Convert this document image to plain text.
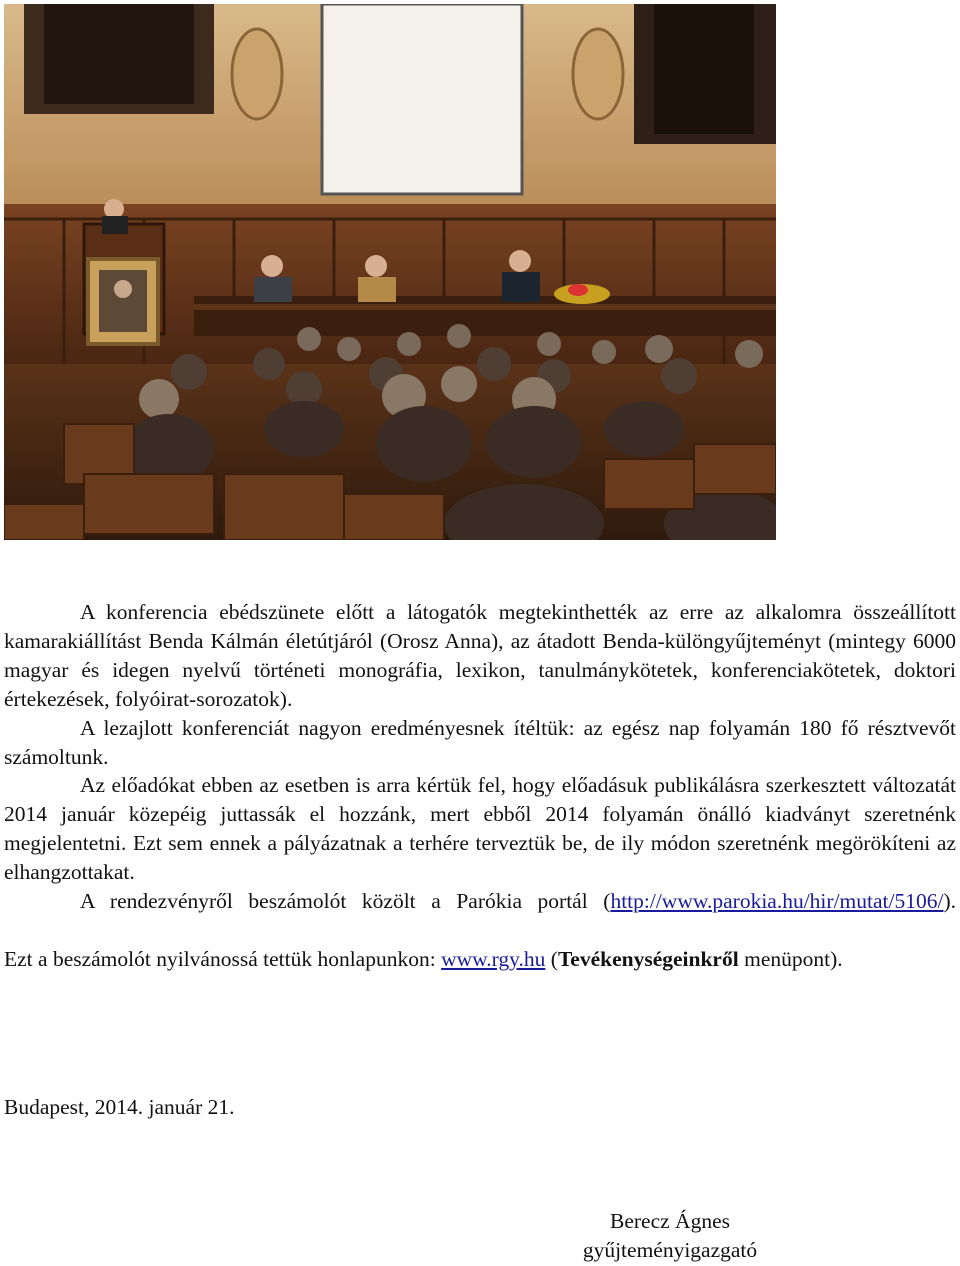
A konferencia ebédszünete előtt a látogatók megtekinthették az erre az alkalomra összeállított kamarakiállítást Benda Kálmán életútjáról (Orosz Anna), az átadott Benda-különgyűjteményt (mintegy 6000 magyar és idegen nyelvű történeti monográfia, lexikon, tanulmánykötetek, konferenciakötetek, doktori értekezések, folyóirat-sorozatok).

A lezajlott konferenciát nagyon eredményesnek ítéltük: az egész nap folyamán 180 fő résztvevőt számoltunk.

Az előadókat ebben az esetben is arra kértük fel, hogy előadásuk publikálásra szerkesztett változatát 2014 január közepéig juttassák el hozzánk, mert ebből 2014 folyamán önálló kiadványt szeretnénk megjelentetni. Ezt sem ennek a pályázatnak a terhére terveztük be, de ily módon szeretnénk megörökíteni az elhangzottakat.

A rendezvényről beszámolót közölt a Parókia portál (http://www.parokia.hu/hir/mutat/5106/).

Ezt a beszámolót nyilvánossá tettük honlapunkon: www.rgy.hu (Tevékenységeinkről menüpont).

Budapest, 2014. január 21.

Berecz Ágnes
gyűjteményigazgató
